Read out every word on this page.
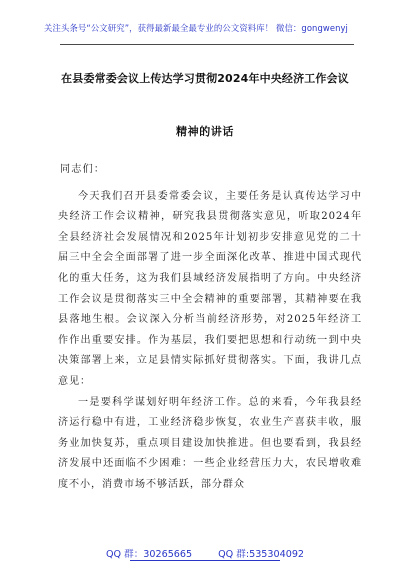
关注头条号“公文研究”，获得最新最全最专业的公文资料库！ 微信：gongwenyj
在县委常委会议上传达学习贯彻2024年中央经济工作会议
精神的讲话

同志们：

今天我们召开县委常委会议，主要任务是认真传达学习中央经济工作会议精神，研究我县贯彻落实意见，听取2024年全县经济社会发展情况和2025年计划初步安排意见党的二十届三中全会全面部署了进一步全面深化改革、推进中国式现代化的重大任务，这为我们县域经济发展指明了方向。中央经济工作会议是贯彻落实三中全会精神的重要部署，其精神要在我县落地生根。会议深入分析当前经济形势，对2025年经济工作作出重要安排。作为基层，我们要把思想和行动统一到中央决策部署上来，立足县情实际抓好贯彻落实。下面，我讲几点意见：

一是要科学谋划好明年经济工作。总的来看，今年我县经济运行稳中有进，工业经济稳步恢复，农业生产喜获丰收，服务业加快复苏，重点项目建设加快推进。但也要看到，我县经济发展中还面临不少困难：一些企业经营压力大，农民增收难度不小，消费市场不够活跃，部分群众

QQ 群：30265665	QQ 群:535304092
